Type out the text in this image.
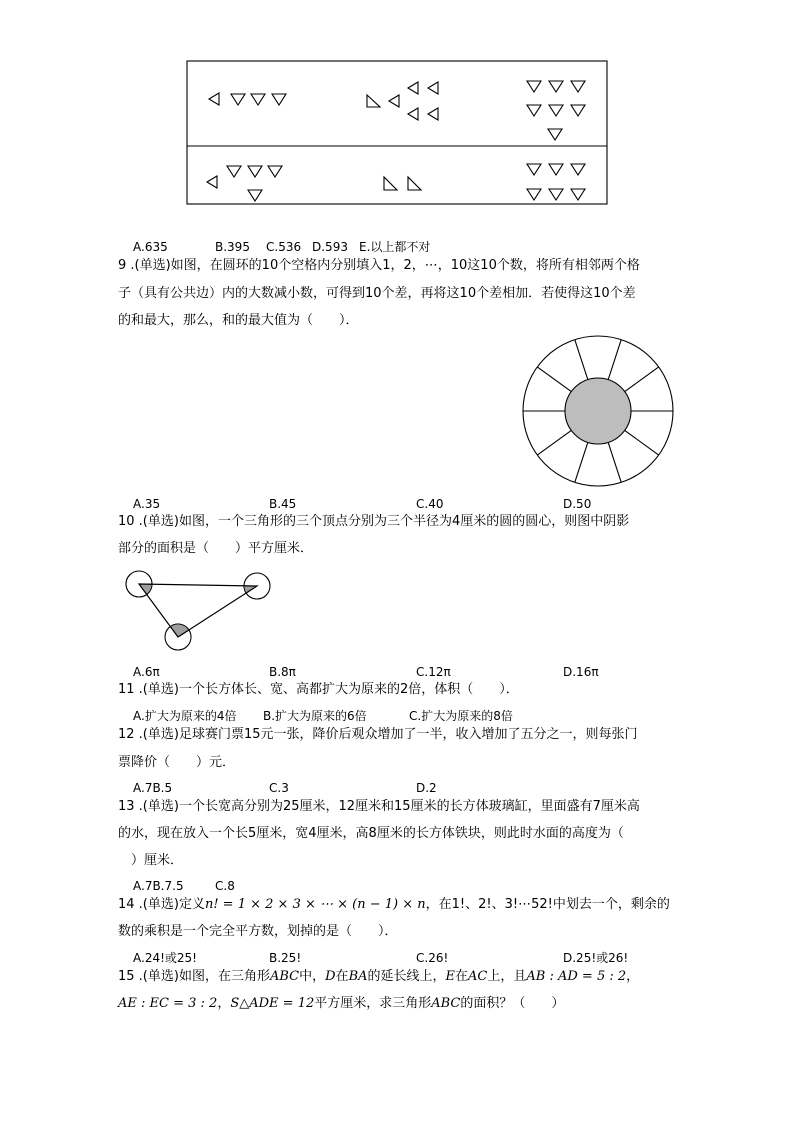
A.635	B.395 C.536 D.593 E.以上都不对
9 .(单选)如图，在圆环的10个空格内分别填入1，2，⋯，10这10个数，将所有相邻两个格
子（具有公共边）内的大数减小数，可得到10个差，再将这10个差相加．若使得这10个差
的和最大，那么，和的最大值为（　　）．
A.35	B.45	C.40	D.50
10 .(单选)如图，一个三角形的三个顶点分别为三个半径为4厘米的圆的圆心，则图中阴影
部分的面积是（　　）平方厘米．
A.6π	B.8π	C.12π	D.16π
11 .(单选)一个长方体长、宽、高都扩大为原来的2倍，体积（　　）．
A.扩大为原来的4倍 B.扩大为原来的6倍	C.扩大为原来的8倍
12 .(单选)足球赛门票15元一张，降价后观众增加了一半，收入增加了五分之一，则每张门
票降价（　　）元．
A.7B.5	C.3	D.2
13 .(单选)一个长宽高分别为25厘米，12厘米和15厘米的长方体玻璃缸，里面盛有7厘米高
的水，现在放入一个长5厘米，宽4厘米，高8厘米的长方体铁块，则此时水面的高度为（
　）厘米．
A.7B.7.5	C.8
14 .(单选)定义n! = 1 × 2 × 3 × ⋯ × (n − 1) × n，在1!、2!、3!⋯52!中划去一个，剩余的
数的乘积是一个完全平方数，划掉的是（　　）．
A.24!或25!	B.25!	C.26!	D.25!或26!
15 .(单选)如图，在三角形ABC中，D在BA的延长线上，E在AC上，且AB : AD = 5 : 2，
AE : EC = 3 : 2，S△ADE = 12平方厘米，求三角形ABC的面积？（　　）
